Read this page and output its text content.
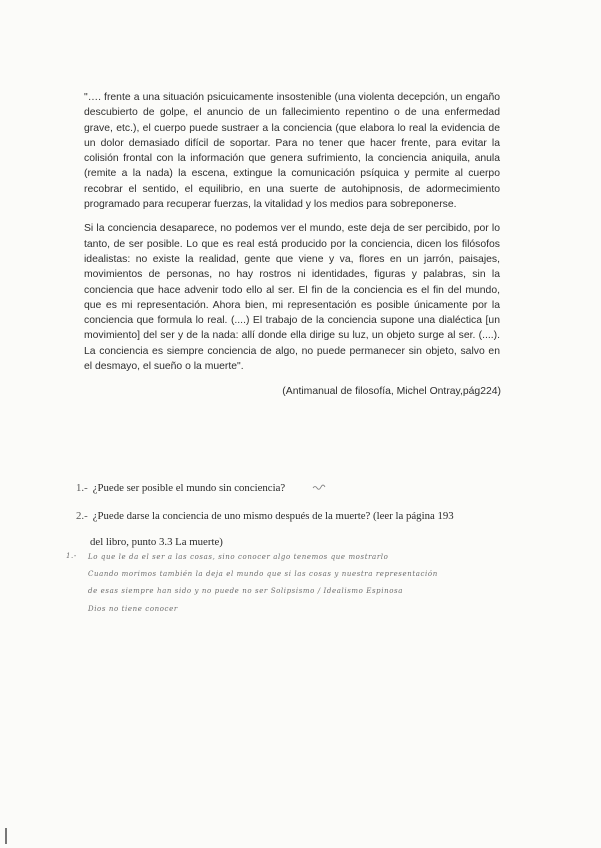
"…. frente a una situación psicuicamente insostenible (una violenta decepción, un engaño descubierto de golpe, el anuncio de un fallecimiento repentino o de una enfermedad grave, etc.), el cuerpo puede sustraer a la conciencia (que elabora lo real la evidencia de un dolor demasiado difícil de soportar. Para no tener que hacer frente, para evitar la colisión frontal con la información que genera sufrimiento, la conciencia aniquila, anula (remite a la nada) la escena, extingue la comunicación psíquica y permite al cuerpo recobrar el sentido, el equilibrio, en una suerte de autohipnosis, de adormecimiento programado para recuperar fuerzas, la vitalidad y los medios para sobreponerse.

Si la conciencia desaparece, no podemos ver el mundo, este deja de ser percibido, por lo tanto, de ser posible. Lo que es real está producido por la conciencia, dicen los filósofos idealistas: no existe la realidad, gente que viene y va, flores en un jarrón, paisajes, movimientos de personas, no hay rostros ni identidades, figuras y palabras, sin la conciencia que hace advenir todo ello al ser. El fin de la conciencia es el fin del mundo, que es mi representación. Ahora bien, mi representación es posible únicamente por la conciencia que formula lo real. (....) El trabajo de la conciencia supone una dialéctica [un movimiento] del ser y de la nada: allí donde ella dirige su luz, un objeto surge al ser. (....). La conciencia es siempre conciencia de algo, no puede permanecer sin objeto, salvo en el desmayo, el sueño o la muerte".

(Antimanual de filosofía, Michel Ontray,pág224)
1.- ¿Puede ser posible el mundo sin conciencia?
2.- ¿Puede darse la conciencia de uno mismo después de la muerte? (leer la página 193
del libro, punto 3.3 La muerte)
1.- Lo que le da el ser a las cosas, sino conocer algo tenemos que mostrarlo
Cuando morimos también la deja el mundo que si las cosas y nuestra representación
de esas siempre han sido y no puede no ser Solipsismo / Idealismo Espinosa
Dios no tiene conocer
